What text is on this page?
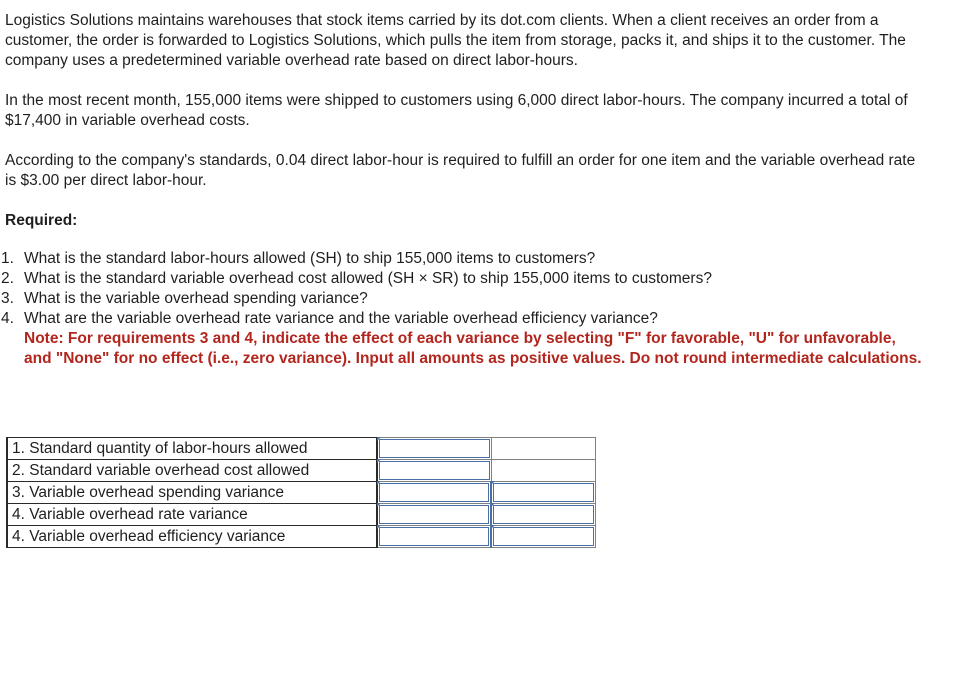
Logistics Solutions maintains warehouses that stock items carried by its dot.com clients. When a client receives an order from a customer, the order is forwarded to Logistics Solutions, which pulls the item from storage, packs it, and ships it to the customer. The company uses a predetermined variable overhead rate based on direct labor-hours.

In the most recent month, 155,000 items were shipped to customers using 6,000 direct labor-hours. The company incurred a total of $17,400 in variable overhead costs.

According to the company's standards, 0.04 direct labor-hour is required to fulfill an order for one item and the variable overhead rate is $3.00 per direct labor-hour.

Required:

1. What is the standard labor-hours allowed (SH) to ship 155,000 items to customers?
2. What is the standard variable overhead cost allowed (SH × SR) to ship 155,000 items to customers?
3. What is the variable overhead spending variance?
4. What are the variable overhead rate variance and the variable overhead efficiency variance?

Note: For requirements 3 and 4, indicate the effect of each variance by selecting "F" for favorable, "U" for unfavorable, and "None" for no effect (i.e., zero variance). Input all amounts as positive values. Do not round intermediate calculations.

1. Standard quantity of labor-hours allowed	

2. Standard variable overhead cost allowed	

3. Variable overhead spending variance	

4. Variable overhead rate variance	

4. Variable overhead efficiency variance	
